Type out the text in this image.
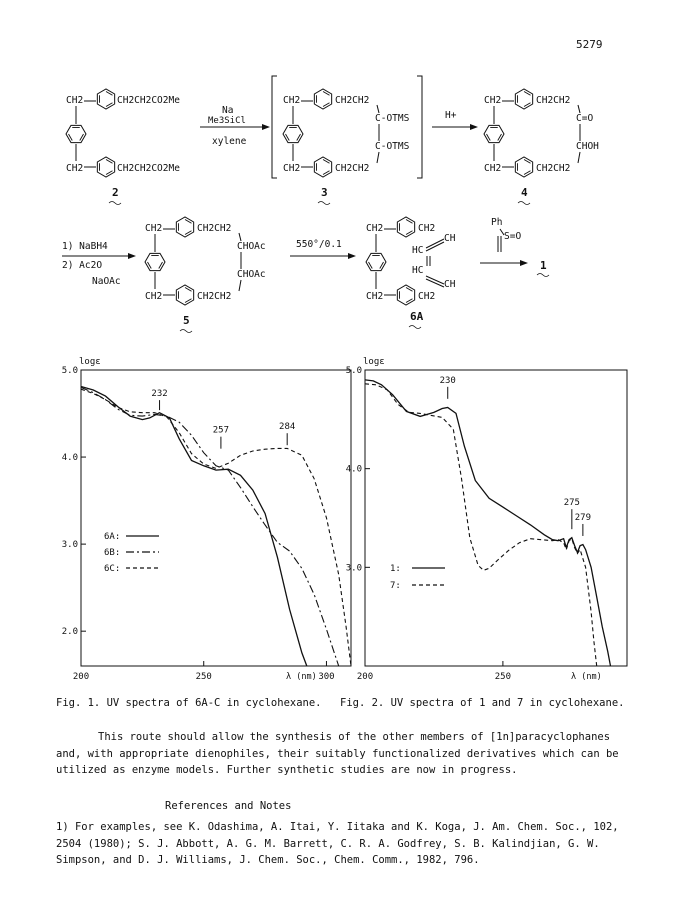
5279
CH2
CH2
CH2CH2CO2Me
CH2CH2CO2Me
2
Na
Me3SiCl
xylene
CH2
CH2
CH2CH2
C-OTMS
C-OTMS
CH2CH2
3
H+
CH2
CH2
CH2CH2
C=O
CHOH
CH2CH2
4
1) NaBH4
2) Ac2O
NaOAc
CH2
CH2
CH2CH2
CHOAc
CHOAc
CH2CH2
5
550°/0.1
CH2
CH2
CH2
CH
HC
HC
CH
CH2
6A
Ph
S=O
1
logε
5.0
4.0
3.0
2.0
200	250	300
λ (nm)
232
257	284
6A:
6B:
6C:
Fig. 1. UV spectra of 6A-C in cyclohexane.
logε
5.0
4.0
3.0
200	250	λ (nm)
230
275
279
1:
7:
Fig. 2. UV spectra of 1 and 7 in cyclohexane.

This route should allow the synthesis of the other members of [1n]paracyclophanes and, with appropriate dienophiles, their suitably functionalized derivatives which can be utilized as enzyme models. Further synthetic studies are now in progress.

References and Notes

1) For examples, see K. Odashima, A. Itai, Y. Iitaka and K. Koga, J. Am. Chem. Soc., 102, 2504 (1980); S. J. Abbott, A. G. M. Barrett, C. R. A. Godfrey, S. B. Kalindjian, G. W. Simpson, and D. J. Williams, J. Chem. Soc., Chem. Comm., 1982, 796.
